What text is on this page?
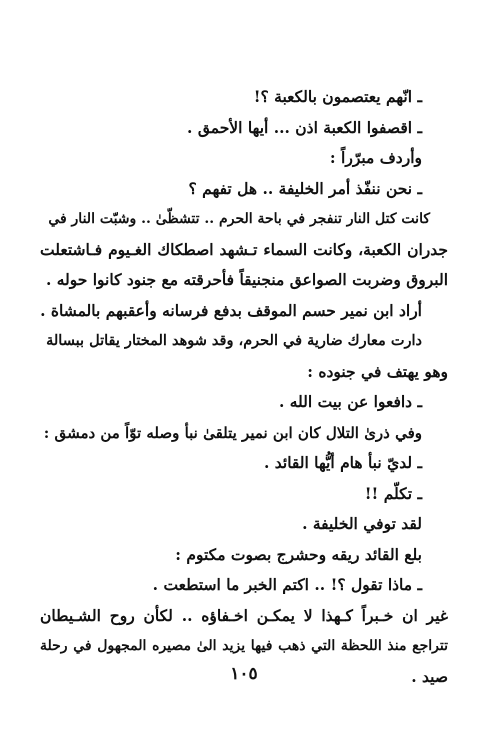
ـ انّهم يعتصمون بالكعبة ؟!
ـ اقصفوا الكعبة اذن ... أيها الأحمق .
وأردف مبرّراً :
ـ نحن ننفّذ أمر الخليفة .. هل تفهم ؟
كانت كتل النار تنفجر في باحة الحرم .. تتشظّىٰ .. وشبّت النار في
جدران الكعبة، وكانت السماء تـشهد اصطكاك الغـيوم فـاشتعلت
البروق وضربت الصواعق منجنيقاً فأحرقته مع جنود كانوا حوله .
أراد ابن نمير حسم الموقف بدفع فرسانه وأعقبهم بالمشاة .
دارت معارك ضارية في الحرم، وقد شوهد المختار يقاتل ببسالة
وهو يهتف في جنوده :
ـ دافعوا عن بيت الله .
وفي ذرىٰ التلال كان ابن نمير يتلقىٰ نبأ وصله توّاً من دمشق :
ـ لديّ نبأ هام أيُّها القائد .
ـ تكلّم !!
لقد توفي الخليفة .
بلع القائد ريقه وحشرج بصوت مكتوم :
ـ ماذا تقول ؟! .. اكتم الخبر ما استطعت .
غير ان خـبراً كـهذا لا يمكـن اخـفاؤه .. لكأن روح الشـيطان
تتراجع منذ اللحظة التي ذهب فيها يزيد الىٰ مصيره المجهول في رحلة
صيد .
١٠٥
